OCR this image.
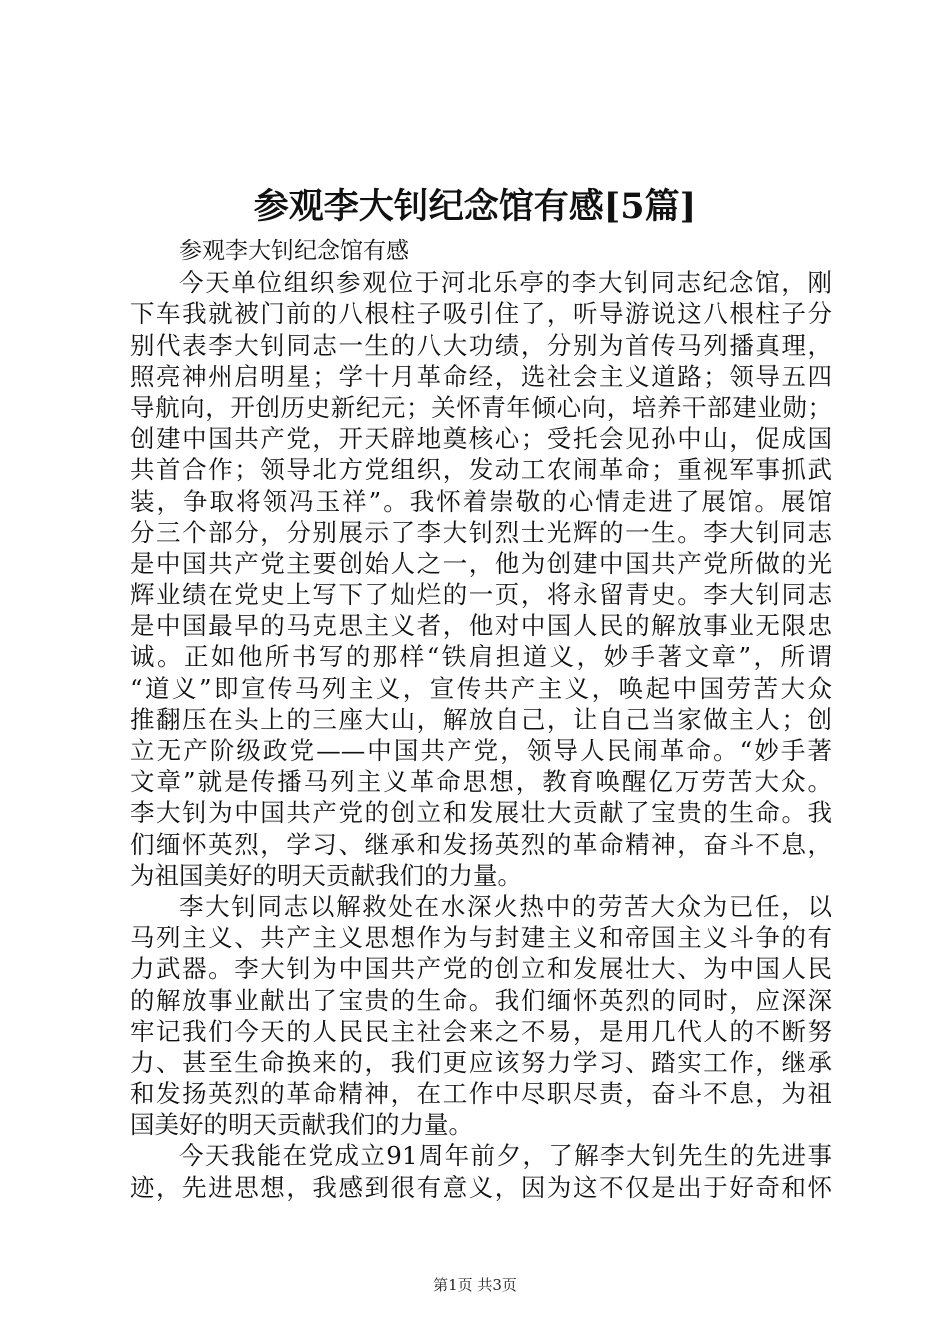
参观李大钊纪念馆有感[5篇]
参观李大钊纪念馆有感
今天单位组织参观位于河北乐亭的李大钊同志纪念馆，刚
下车我就被门前的八根柱子吸引住了，听导游说这八根柱子分
别代表李大钊同志一生的八大功绩，分别为首传马列播真理，
照亮神州启明星；学十月革命经，选社会主义道路；领导五四
导航向，开创历史新纪元；关怀青年倾心向，培养干部建业勋；
创建中国共产党，开天辟地奠核心；受托会见孙中山，促成国
共首合作；领导北方党组织，发动工农闹革命；重视军事抓武
装，争取将领冯玉祥”。我怀着崇敬的心情走进了展馆。展馆
分三个部分，分别展示了李大钊烈士光辉的一生。李大钊同志
是中国共产党主要创始人之一，他为创建中国共产党所做的光
辉业绩在党史上写下了灿烂的一页，将永留青史。李大钊同志
是中国最早的马克思主义者，他对中国人民的解放事业无限忠
诚。正如他所书写的那样“铁肩担道义，妙手著文章”，所谓
“道义”即宣传马列主义，宣传共产主义，唤起中国劳苦大众
推翻压在头上的三座大山，解放自己，让自己当家做主人；创
立无产阶级政党——中国共产党，领导人民闹革命。“妙手著
文章”就是传播马列主义革命思想，教育唤醒亿万劳苦大众。
李大钊为中国共产党的创立和发展壮大贡献了宝贵的生命。我
们缅怀英烈，学习、继承和发扬英烈的革命精神，奋斗不息，
为祖国美好的明天贡献我们的力量。
李大钊同志以解救处在水深火热中的劳苦大众为已任，以
马列主义、共产主义思想作为与封建主义和帝国主义斗争的有
力武器。李大钊为中国共产党的创立和发展壮大、为中国人民
的解放事业献出了宝贵的生命。我们缅怀英烈的同时，应深深
牢记我们今天的人民民主社会来之不易，是用几代人的不断努
力、甚至生命换来的，我们更应该努力学习、踏实工作，继承
和发扬英烈的革命精神，在工作中尽职尽责，奋斗不息，为祖
国美好的明天贡献我们的力量。
今天我能在党成立91周年前夕，了解李大钊先生的先进事
迹，先进思想，我感到很有意义，因为这不仅是出于好奇和怀
第1页 共3页
